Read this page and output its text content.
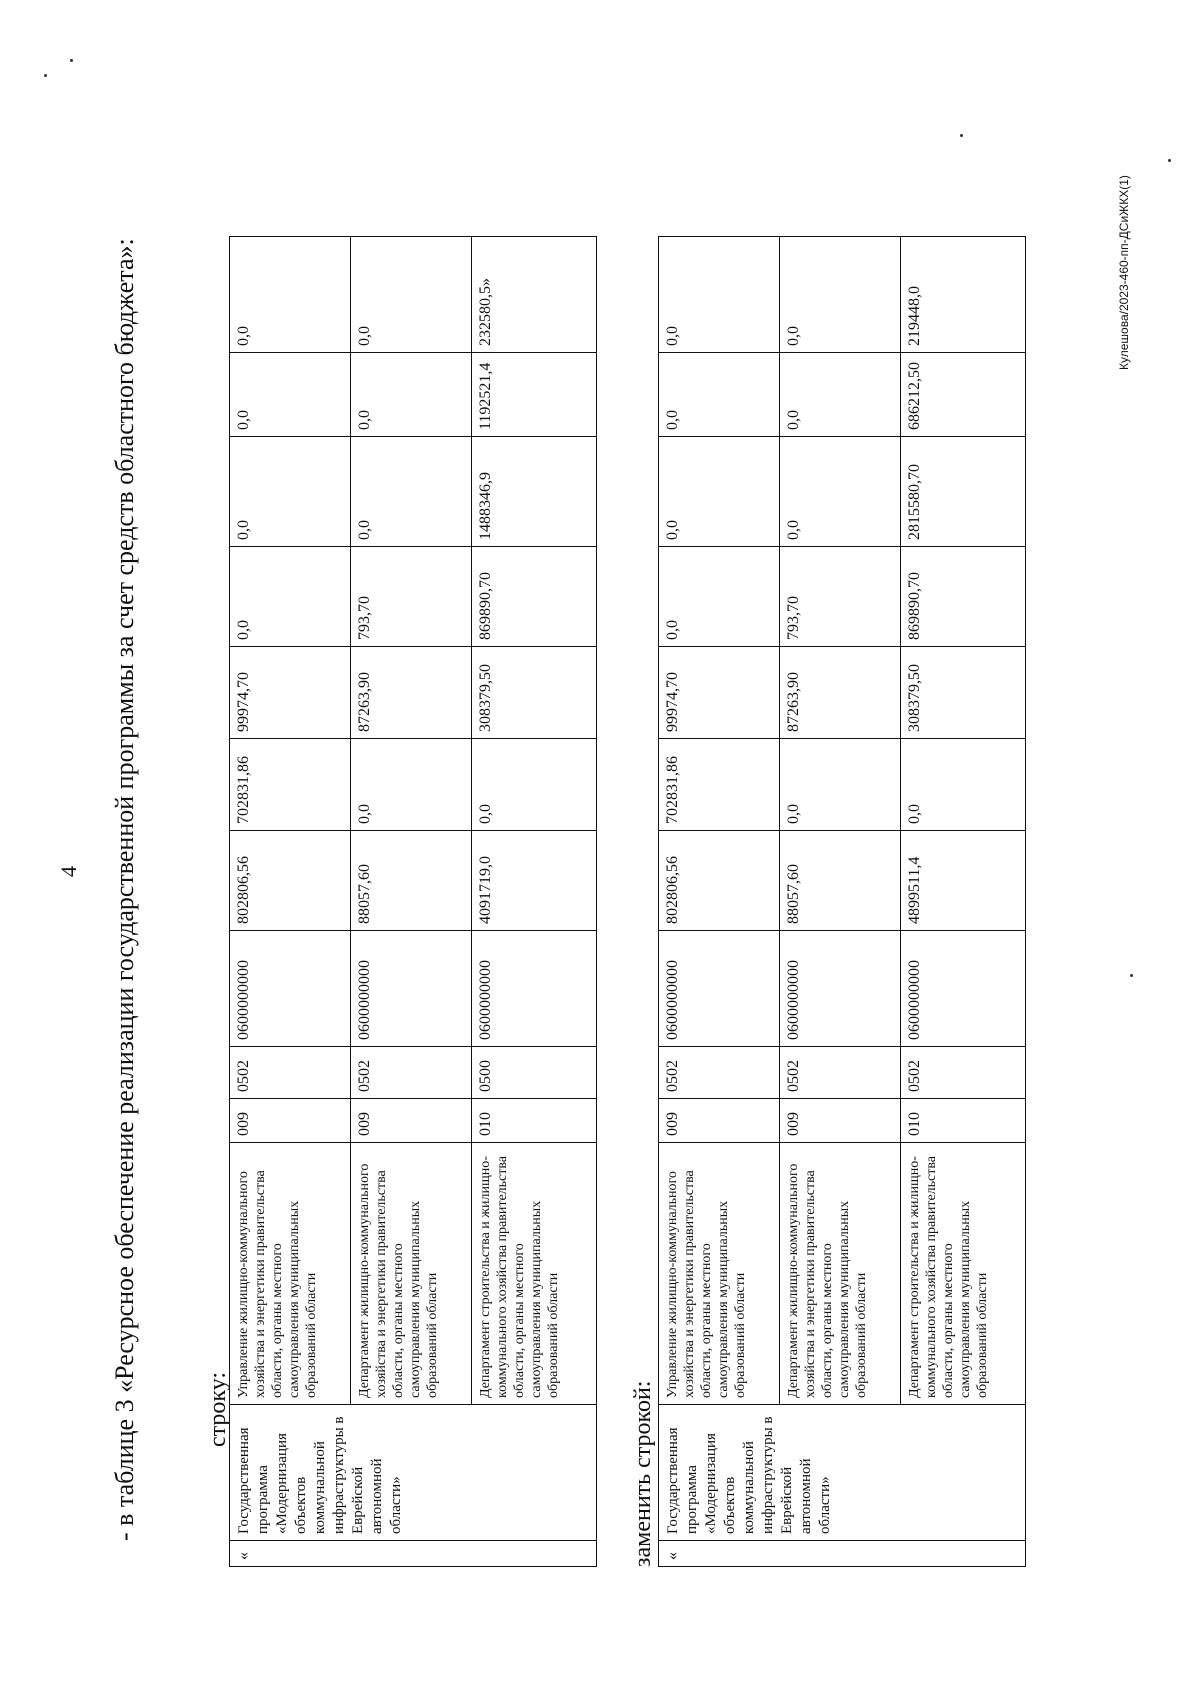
4 - в таблице 3 «Ресурсное обеспечение реализации государственной программы за счет средств областного бюджета»:	строку:
«	Государственная программа «Модернизация объектов коммунальной инфраструктуры в Еврейской автономной области»	Управление жилищно-коммунального хозяйства и энергетики правительства области, органы местного самоуправления муниципальных образований области	009	0502	0600000000	802806,56	702831,86	99974,70	0,0	0,0	0,0	0,0
		Департамент жилищно-коммунального хозяйства и энергетики правительства области, органы местного самоуправления муниципальных образований области	009	0502	0600000000	88057,60	0,0	87263,90	793,70	0,0	0,0	0,0
		Департамент строительства и жилищно-коммунального хозяйства правительства области, органы местного самоуправления муниципальных образований области	010	0500	0600000000	4091719,0	0,0	308379,50	869890,70	1488346,9	1192521,4	232580,5»
заменить строкой: «	Государственная программа «Модернизация объектов коммунальной инфраструктуры в Еврейской автономной области»	Управление жилищно-коммунального хозяйства и энергетики правительства области, органы местного самоуправления муниципальных образований области	009	0502	0600000000	802806,56	702831,86	99974,70	0,0	0,0	0,0	0,0
		Департамент жилищно-коммунального хозяйства и энергетики правительства области, органы местного самоуправления муниципальных образований области	009	0502	0600000000	88057,60	0,0	87263,90	793,70	0,0	0,0	0,0
		Департамент строительства и жилищно-коммунального хозяйства правительства области, органы местного самоуправления муниципальных образований области	010	0502	0600000000	4899511,4	0,0	308379,50	869890,70	2815580,70	686212,50	219448,0	Кулешова/2023-460-пп-ДСиЖКХ(1)
